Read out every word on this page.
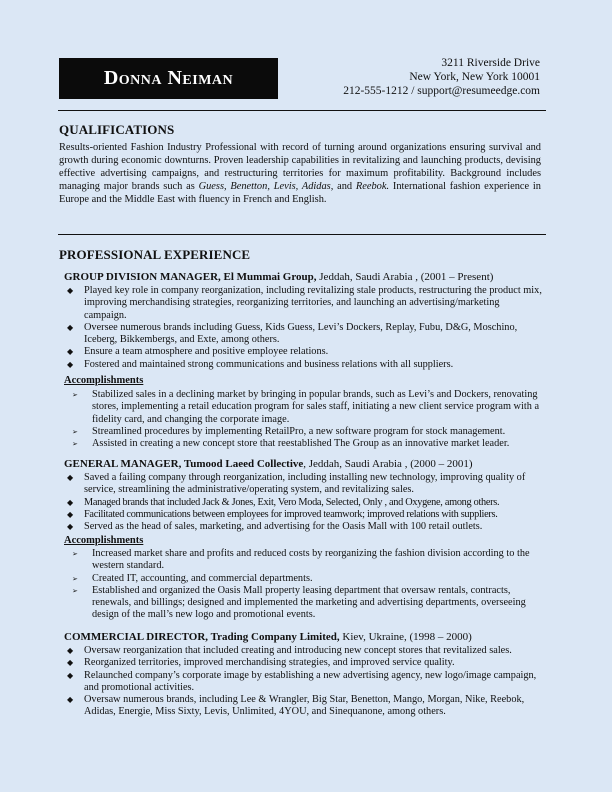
Donna Neiman
3211 Riverside Drive
New York, New York 10001
212-555-1212 / support@resumeedge.com
QUALIFICATIONS
Results-oriented Fashion Industry Professional with record of turning around organizations ensuring survival and growth during economic downturns. Proven leadership capabilities in revitalizing and launching products, devising effective advertising campaigns, and restructuring territories for maximum profitability. Background includes managing major brands such as Guess, Benetton, Levis, Adidas, and Reebok. International fashion experience in Europe and the Middle East with fluency in French and English.
PROFESSIONAL EXPERIENCE
GROUP DIVISION MANAGER, El Mummai Group, Jeddah, Saudi Arabia , (2001 – Present)
◆ Played key role in company reorganization, including revitalizing stale products, restructuring the product mix, improving merchandising strategies, reorganizing territories, and launching an advertising/marketing campaign.
◆ Oversee numerous brands including Guess, Kids Guess, Levi’s Dockers, Replay, Fubu, D&G, Moschino, Iceberg, Bikkembergs, and Exte, among others.
◆ Ensure a team atmosphere and positive employee relations.
◆ Fostered and maintained strong communications and business relations with all suppliers.
Accomplishments
➢ Stabilized sales in a declining market by bringing in popular brands, such as Levi’s and Dockers, renovating stores, implementing a retail education program for sales staff, initiating a new client service program with a fidelity card, and changing the corporate image.
➢ Streamlined procedures by implementing RetailPro, a new software program for stock management.
➢ Assisted in creating a new concept store that reestablished The Group as an innovative market leader.
GENERAL MANAGER, Tumood Laeed Collective, Jeddah, Saudi Arabia , (2000 – 2001)
◆ Saved a failing company through reorganization, including installing new technology, improving quality of service, streamlining the administrative/operating system, and revitalizing sales.
◆ Managed brands that included Jack & Jones, Exit, Vero Moda, Selected, Only , and Oxygene, among others.
◆ Facilitated communications between employees for improved teamwork; improved relations with suppliers.
◆ Served as the head of sales, marketing, and advertising for the Oasis Mall with 100 retail outlets.
Accomplishments
➢ Increased market share and profits and reduced costs by reorganizing the fashion division according to the western standard.
➢ Created IT, accounting, and commercial departments.
➢ Established and organized the Oasis Mall property leasing department that oversaw rentals, contracts, renewals, and billings; designed and implemented the marketing and advertising departments, overseeing design of the mall’s new logo and promotional events.
COMMERCIAL DIRECTOR, Trading Company Limited, Kiev, Ukraine, (1998 – 2000)
◆ Oversaw reorganization that included creating and introducing new concept stores that revitalized sales.
◆ Reorganized territories, improved merchandising strategies, and improved service quality.
◆ Relaunched company’s corporate image by establishing a new advertising agency, new logo/image campaign, and promotional activities.
◆ Oversaw numerous brands, including Lee & Wrangler, Big Star, Benetton, Mango, Morgan, Nike, Reebok, Adidas, Energie, Miss Sixty, Levis, Unlimited, 4YOU, and Sinequanone, among others.
